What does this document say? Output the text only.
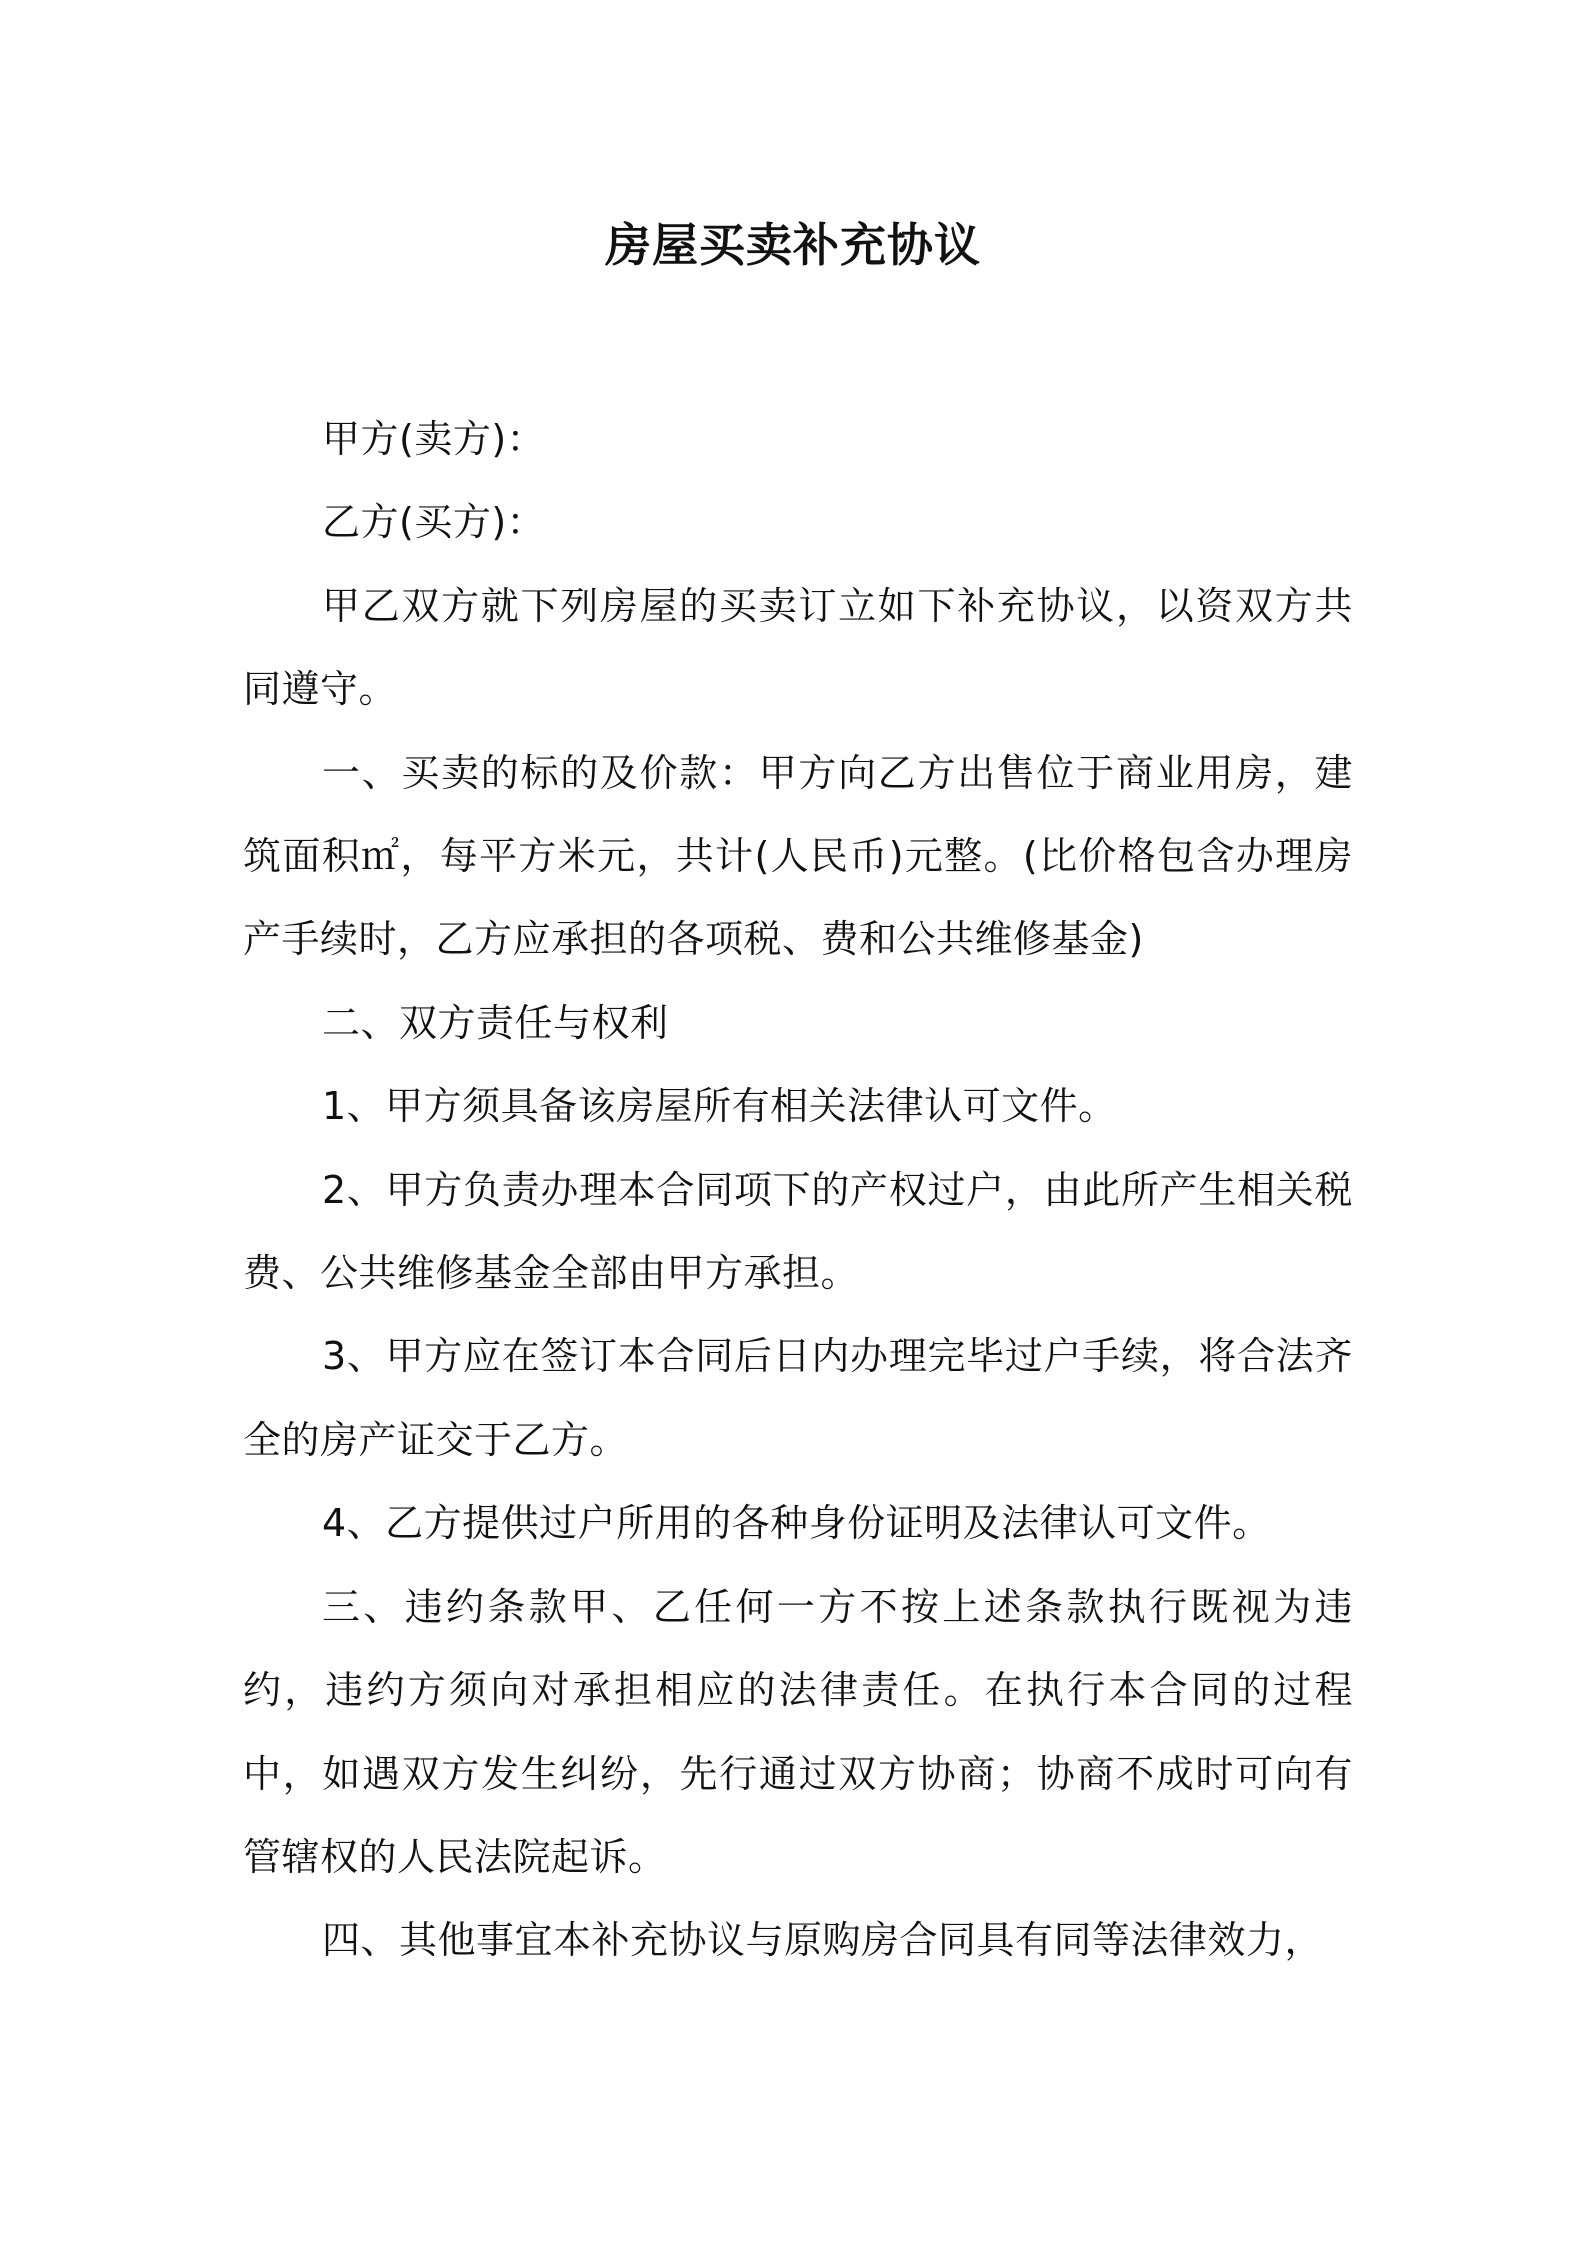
房屋买卖补充协议

甲方(卖方)：

乙方(买方)：

甲乙双方就下列房屋的买卖订立如下补充协议，以资双方共同遵守。

一、买卖的标的及价款：甲方向乙方出售位于商业用房，建筑面积㎡，每平方米元，共计(人民币)元整。(比价格包含办理房产手续时，乙方应承担的各项税、费和公共维修基金)

二、双方责任与权利

1、甲方须具备该房屋所有相关法律认可文件。

2、甲方负责办理本合同项下的产权过户，由此所产生相关税费、公共维修基金全部由甲方承担。

3、甲方应在签订本合同后日内办理完毕过户手续，将合法齐全的房产证交于乙方。

4、乙方提供过户所用的各种身份证明及法律认可文件。

三、违约条款甲、乙任何一方不按上述条款执行既视为违约，违约方须向对承担相应的法律责任。在执行本合同的过程中，如遇双方发生纠纷，先行通过双方协商；协商不成时可向有管辖权的人民法院起诉。

四、其他事宜本补充协议与原购房合同具有同等法律效力，
